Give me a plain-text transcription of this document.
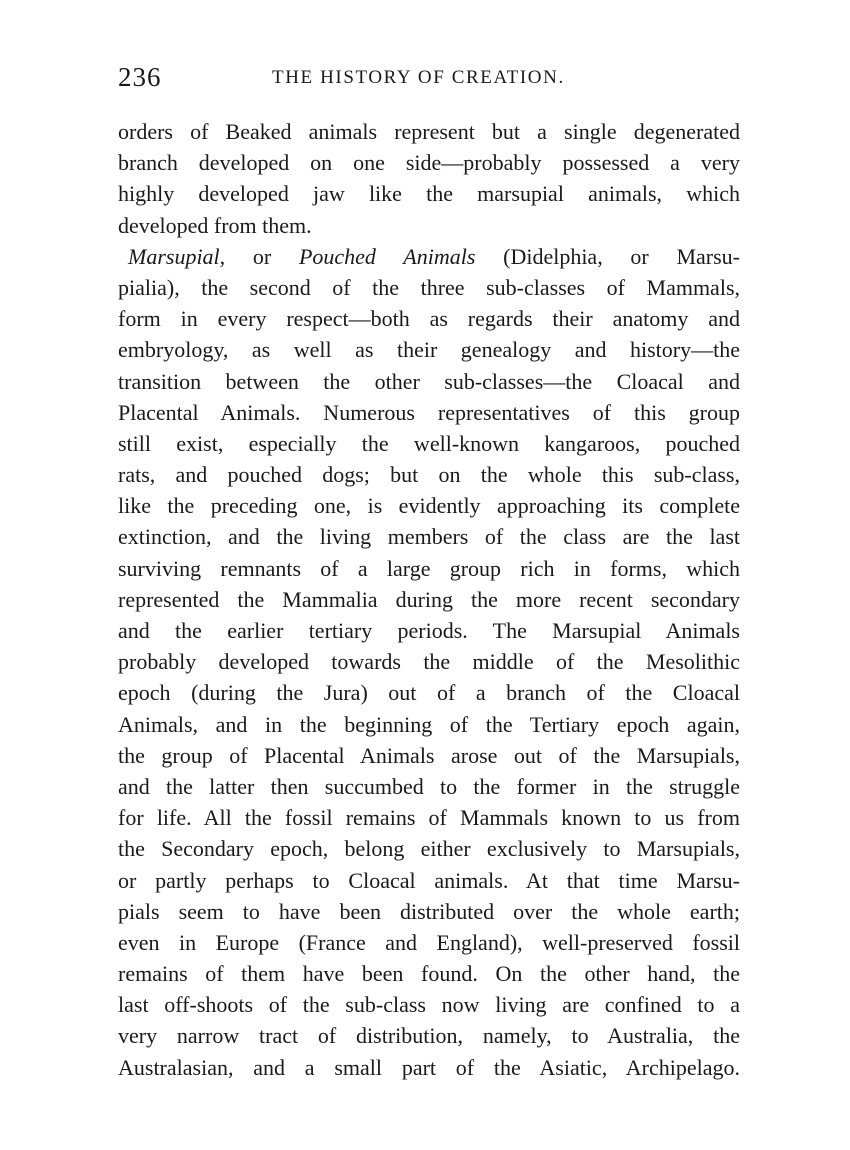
236	THE HISTORY OF CREATION.
orders of Beaked animals represent but a single degenerated
branch developed on one side—probably possessed a very
highly developed jaw like the marsupial animals, which
developed from them.
Marsupial, or Pouched Animals (Didelphia, or Marsu-
pialia), the second of the three sub-classes of Mammals,
form in every respect—both as regards their anatomy and
embryology, as well as their genealogy and history—the
transition between the other sub-classes—the Cloacal and
Placental Animals. Numerous representatives of this group
still exist, especially the well-known kangaroos, pouched
rats, and pouched dogs; but on the whole this sub-class,
like the preceding one, is evidently approaching its complete
extinction, and the living members of the class are the last
surviving remnants of a large group rich in forms, which
represented the Mammalia during the more recent secondary
and the earlier tertiary periods. The Marsupial Animals
probably developed towards the middle of the Mesolithic
epoch (during the Jura) out of a branch of the Cloacal
Animals, and in the beginning of the Tertiary epoch again,
the group of Placental Animals arose out of the Marsupials,
and the latter then succumbed to the former in the struggle
for life. All the fossil remains of Mammals known to us from
the Secondary epoch, belong either exclusively to Marsupials,
or partly perhaps to Cloacal animals. At that time Marsu-
pials seem to have been distributed over the whole earth;
even in Europe (France and England), well-preserved fossil
remains of them have been found. On the other hand, the
last off-shoots of the sub-class now living are confined to a
very narrow tract of distribution, namely, to Australia, the
Australasian, and a small part of the Asiatic, Archipelago.
